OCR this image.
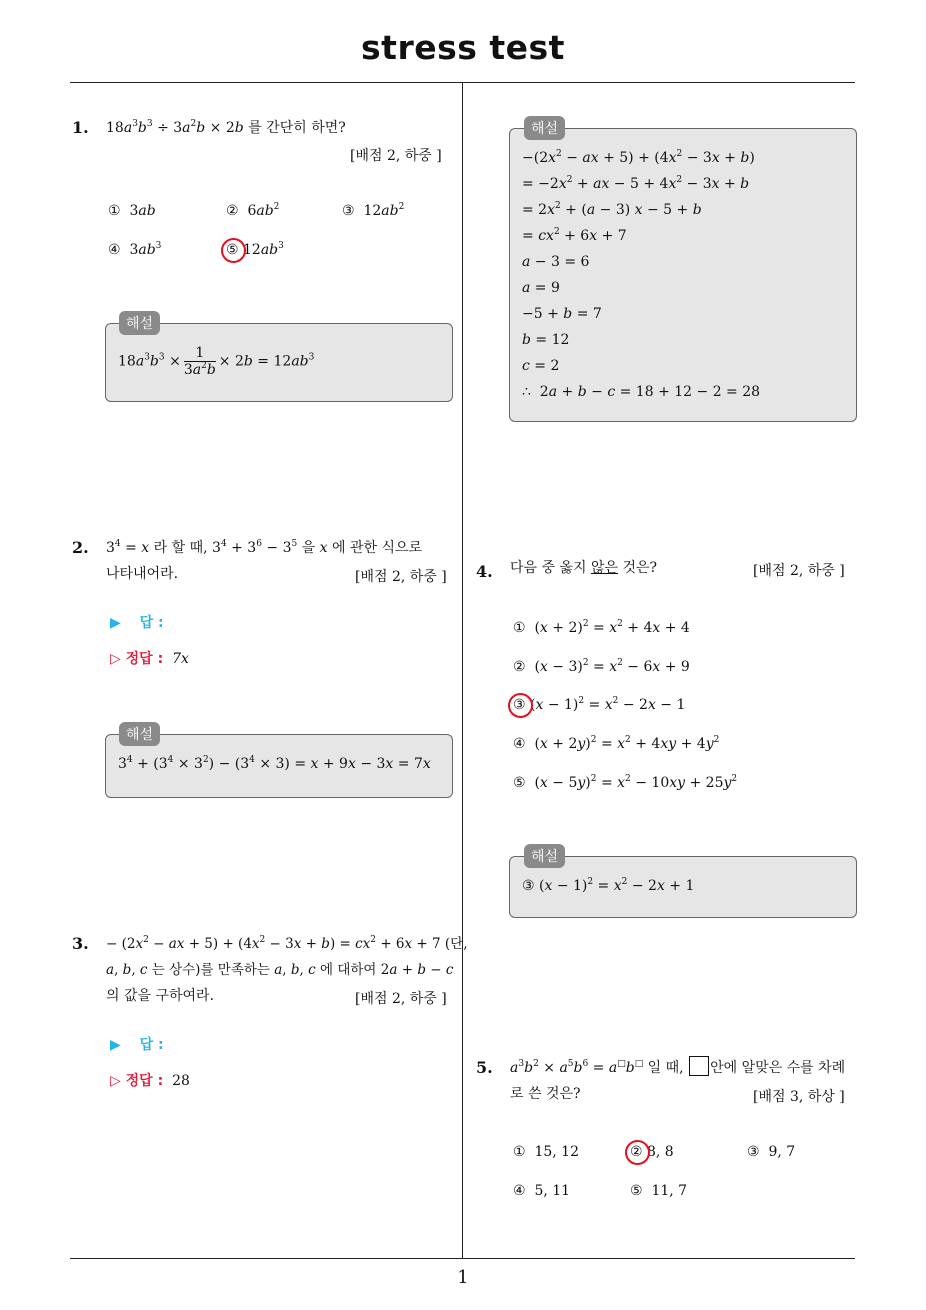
stress test
1
1. $18a^3b^3 \div 3a^2b \times 2b$ 를 간단히 하면?
[배점 2, 하중 ]
①  3ab	②  $6ab^2$	③  $12ab^2$
④  $3ab^3$	⑤ $12ab^3$
해설
$18a^3b^3 \times \frac{1}{3a^2b} \times 2b = 12ab^3$
2. $3^4 = x$ 라 할 때, $3^4 + 3^6 - 3^5$ 을 x 에 관한 식으로
나타내어라.	[배점 2, 하중 ]
▶ 답 :
▷ 정답 : 7x
해설
$3^4 + (3^4 \times 3^2) - (3^4 \times 3) = x + 9x - 3x = 7x$
3. − ($2x^2$ − ax + $5) + (4x^2 - 3x + b) = cx^2 + 6x + 7$ (단,
a, b, c 는 상수)를 만족하는 a, b, c 에 대하여 2a + b − c
의 값을 구하여라.	[배점 2, 하중 ]
▶ 답 :
▷ 정답 : 28
해설
$-(2x^2$ − ax + $5) + (4x^2 - 3x + b)$
= $-2x^2$ + ax − $5 + 4x^2 - 3x + b$
= $2x^2 + (a - 3) x - 5 + b$
= $cx^2 + 6x + 7$
a − 3 = 6
a = 9
−5 + b = 7
b = 12
c = 2
∴  2a + b − c = 18 + 12 − 2 = 28
4. 다음 중 옳지 않은 것은?	[배점 2, 하중 ]
①  $(x + 2)^2 = x^2 + 4x + 4$
②  $(x - 3)^2 = x^2 - 6x + 9$
③ $(x - 1)^2 = x^2 - 2x - 1$
④  $(x + 2y)^2 = x^2 + 4xy + 4y^2$
⑤  $(x - 5y)^2 = x^2 - 10xy + 25y^2$
해설
③ $(x - 1)^2 = x^2 - 2x + 1$
5. $a^3b^2 \times a^5b^6 = a^□b^□$ 일 때, 안에 알맞은 수를 차례
로 쓴 것은?	[배점 3, 하상 ]
①  15, 12	② 8, 8	③  9, 7
④  5, 11	⑤  11, 7
